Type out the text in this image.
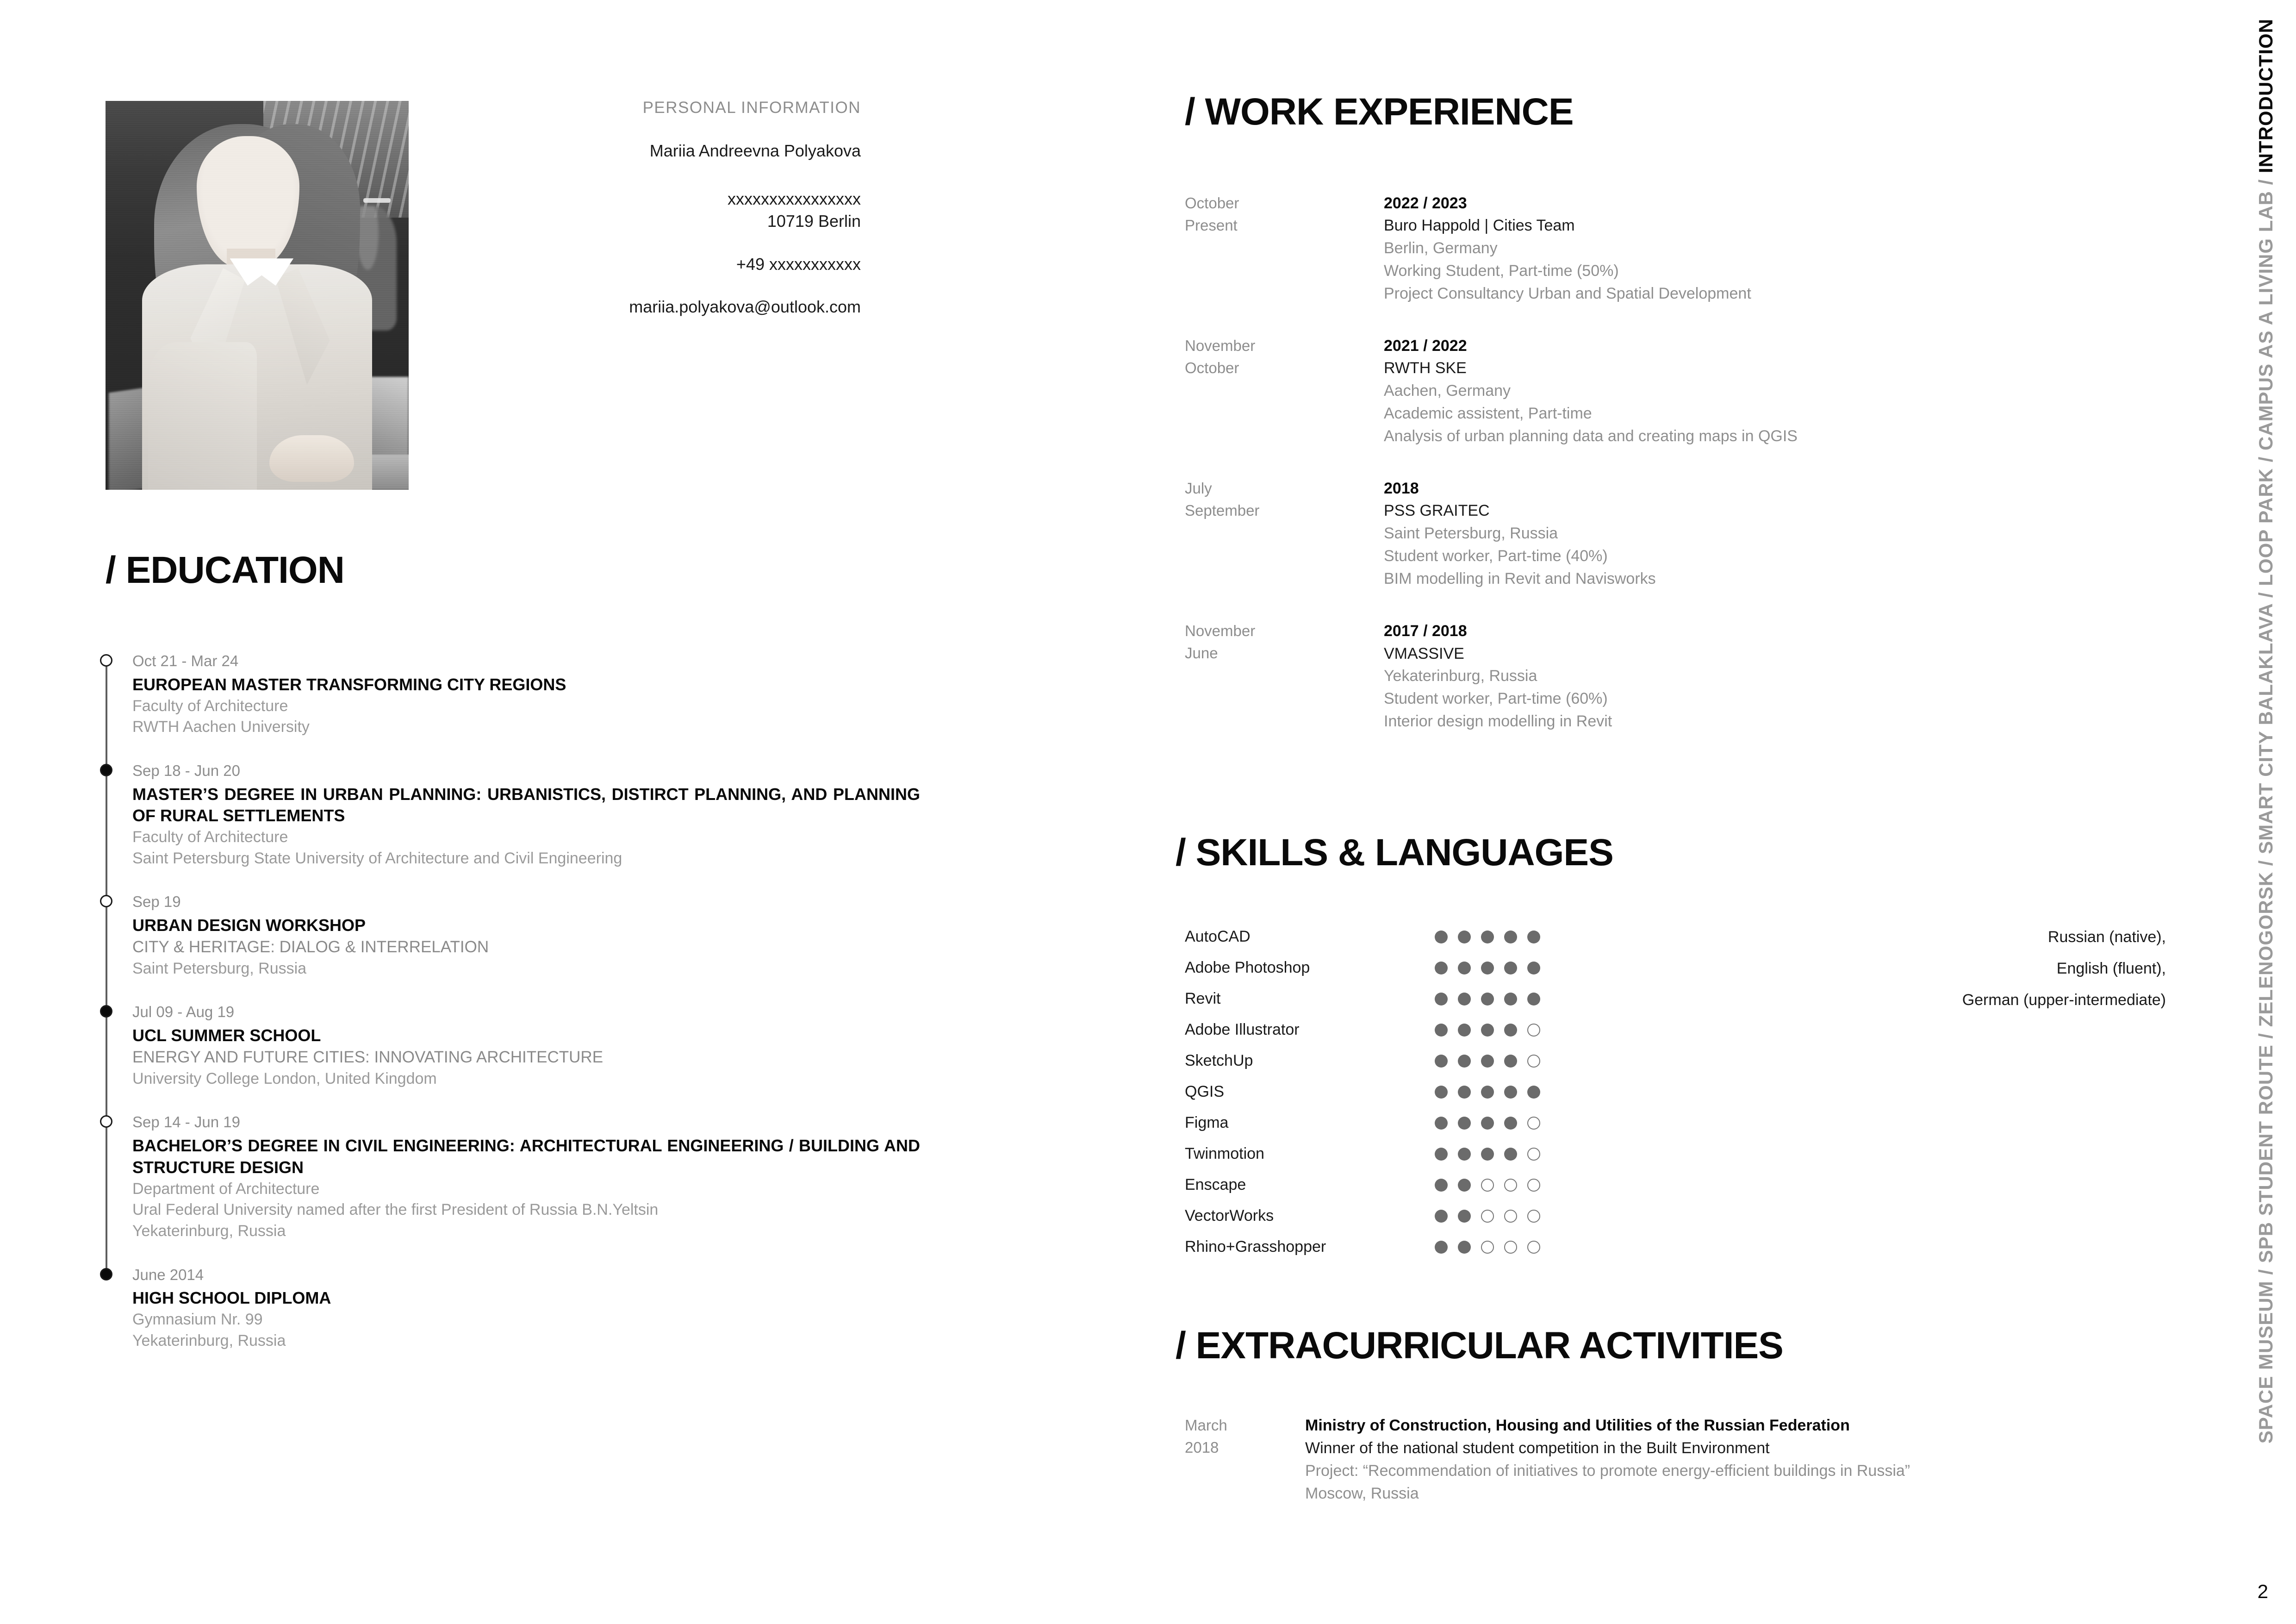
PERSONAL INFORMATION
Mariia Andreevna Polyakova
xxxxxxxxxxxxxxxx
10719 Berlin
+49 xxxxxxxxxxx
mariia.polyakova@outlook.com
/ EDUCATION
Oct 21 - Mar 24
EUROPEAN MASTER TRANSFORMING CITY REGIONS
Faculty of Architecture
RWTH Aachen University
Sep 18 - Jun 20
MASTER’S DEGREE IN URBAN PLANNING: URBANISTICS, DISTIRCT PLANNING, AND PLANNING OF RURAL SETTLEMENTS
Faculty of Architecture
Saint Petersburg State University of Architecture and Civil Engineering
Sep 19
URBAN DESIGN WORKSHOP
CITY & HERITAGE: DIALOG & INTERRELATION
Saint Petersburg, Russia
Jul 09 - Aug 19
UCL SUMMER SCHOOL
ENERGY AND FUTURE CITIES: INNOVATING ARCHITECTURE
University College London, United Kingdom
Sep 14 - Jun 19
BACHELOR’S DEGREE IN CIVIL ENGINEERING: ARCHITECTURAL ENGINEERING / BUILDING AND STRUCTURE DESIGN
Department of Architecture
Ural Federal University named after the first President of Russia B.N.Yeltsin
Yekaterinburg, Russia
June 2014
HIGH SCHOOL DIPLOMA
Gymnasium Nr. 99
Yekaterinburg, Russia
/ WORK EXPERIENCE
October
Present
2022 / 2023
Buro Happold | Cities Team
Berlin, Germany
Working Student, Part-time (50%)
Project Consultancy Urban and Spatial Development
November
October
2021 / 2022
RWTH SKE
Aachen, Germany
Academic assistent, Part-time
Analysis of urban planning data and creating maps in QGIS
July
September
2018
PSS GRAITEC
Saint Petersburg, Russia
Student worker, Part-time (40%)
BIM modelling in Revit and Navisworks
November
June
2017 / 2018
VMASSIVE
Yekaterinburg, Russia
Student worker, Part-time (60%)
Interior design modelling in Revit
/ SKILLS & LANGUAGES
AutoCAD
Adobe Photoshop
Revit
Adobe Illustrator
SketchUp
QGIS
Figma
Twinmotion
Enscape
VectorWorks
Rhino+Grasshopper
Russian (native),
English (fluent),
German (upper-intermediate)
/ EXTRACURRICULAR ACTIVITIES
March
2018
Ministry of Construction, Housing and Utilities of the Russian Federation
Winner of the national student competition in the Built Environment
Project: “Recommendation of initiatives to promote energy-efficient buildings in Russia”
Moscow, Russia
SPACE MUSEUM / SPB STUDENT ROUTE / ZELENOGORSK / SMART CITY BALAKLAVA / LOOP PARK / CAMPUS AS A LIVING LAB / INTRODUCTION
2
